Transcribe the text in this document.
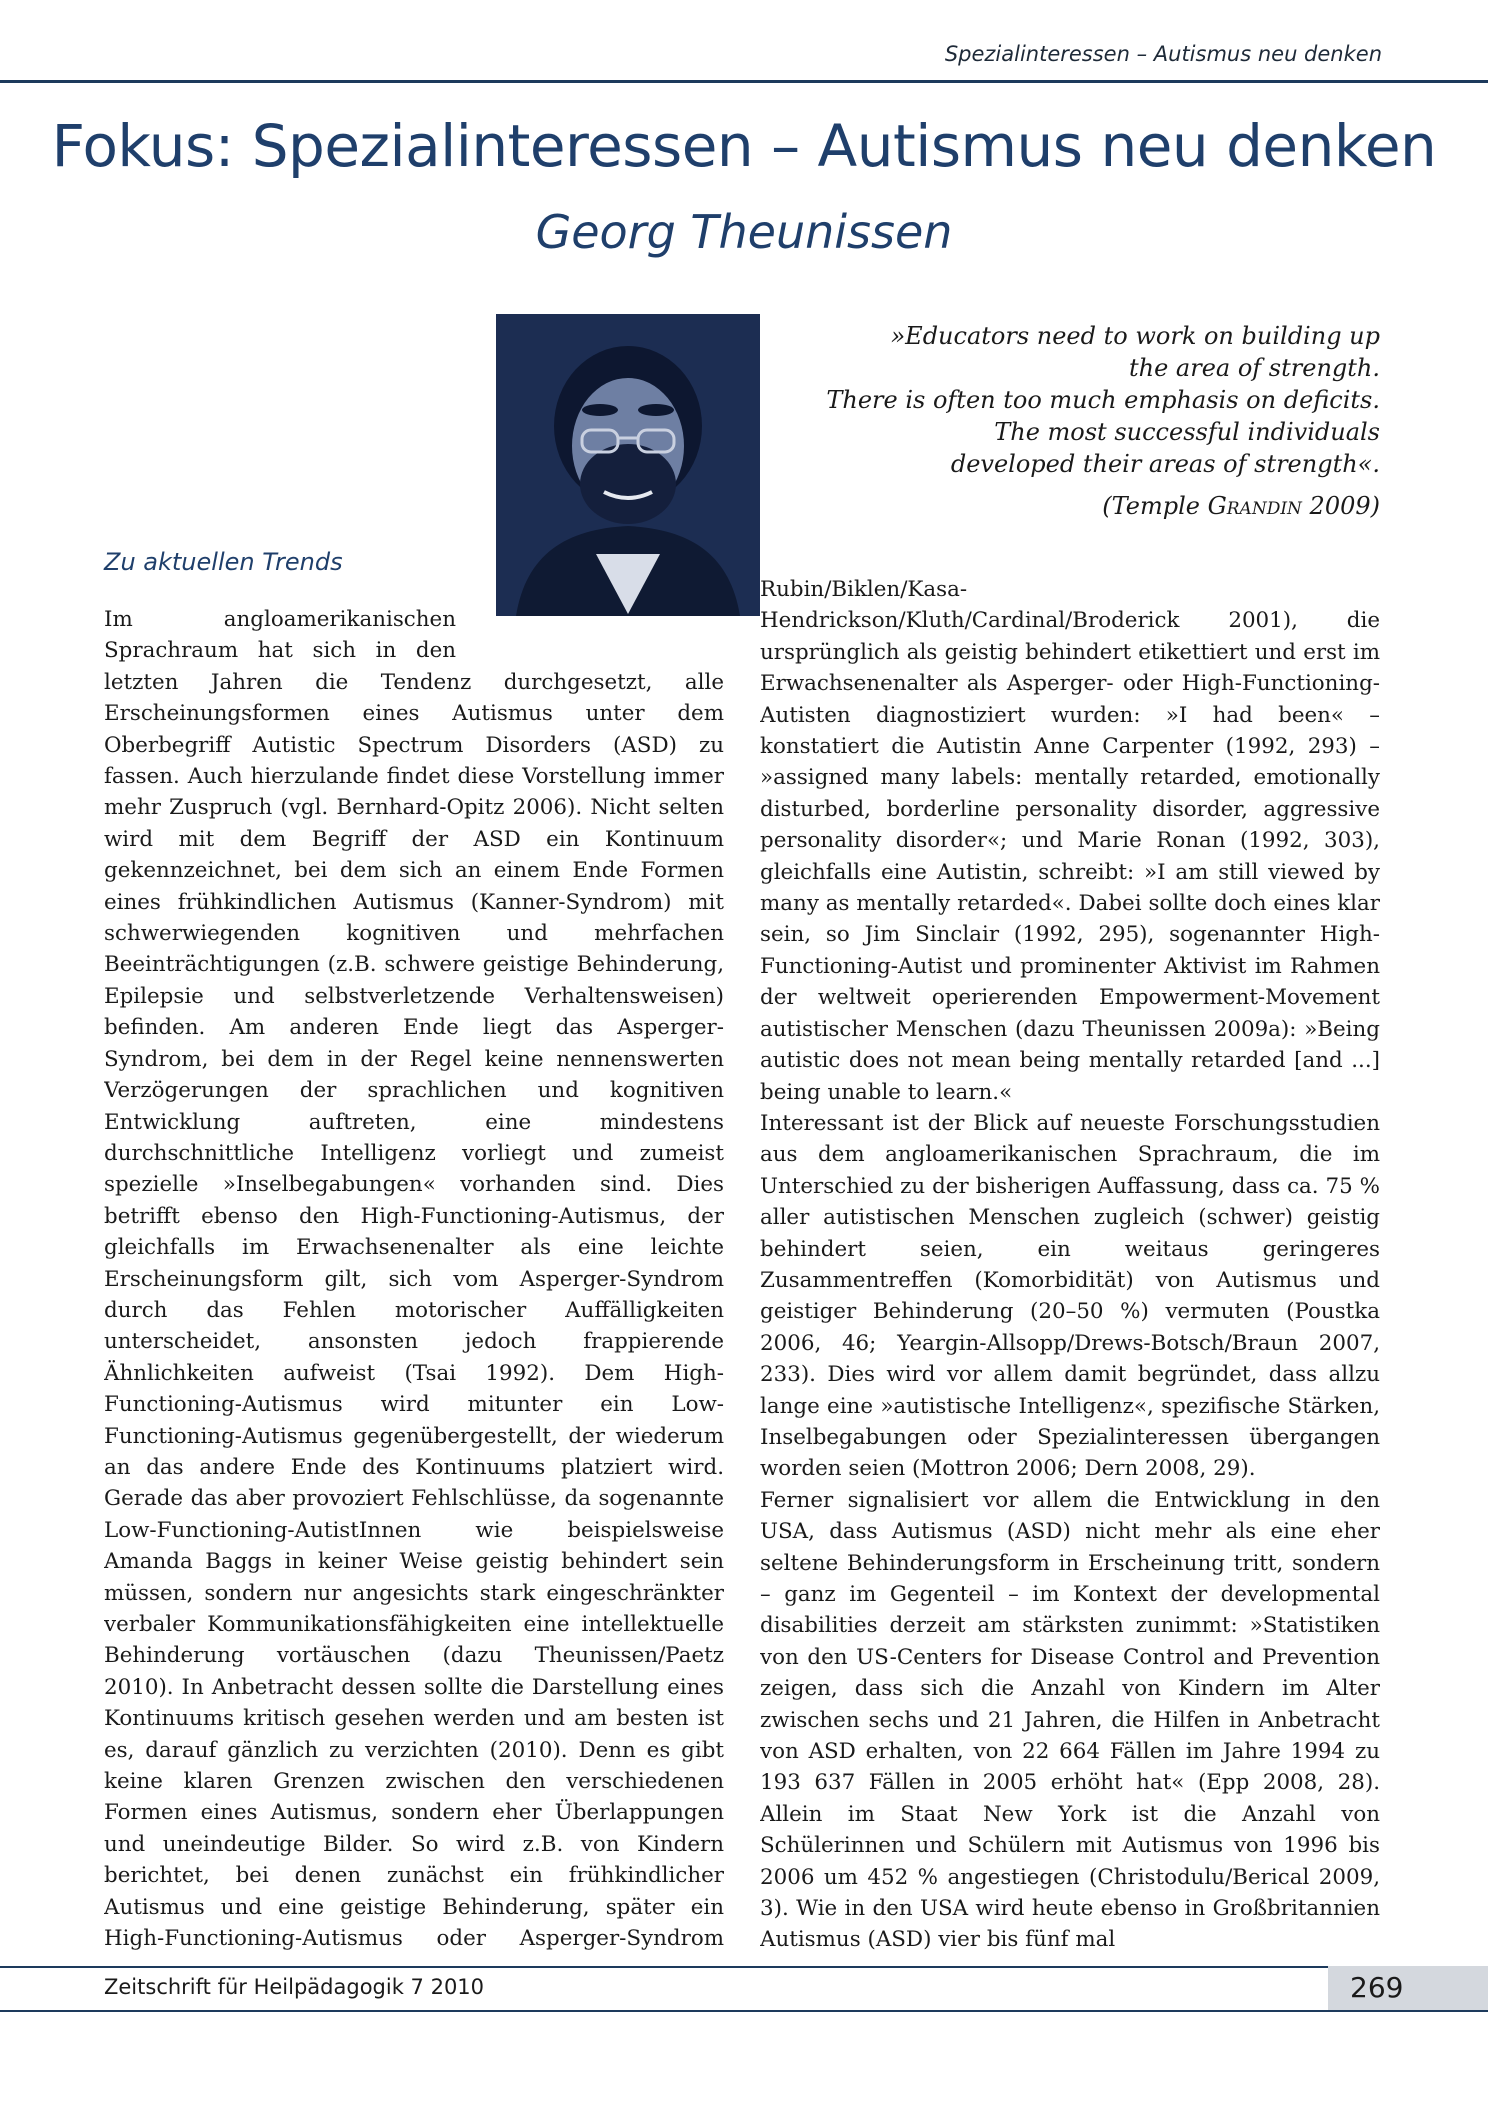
Spezialinteressen – Autismus neu denken
Fokus: Spezialinteressen – Autismus neu denken
Georg Theunissen
»Educators need to work on building up
the area of strength.
There is often too much emphasis on deficits.
The most successful individuals
developed their areas of strength«.
(Temple Grandin 2009)
Zu aktuellen Trends

Im angloamerikanischen Sprachraum hat sich in den letzten Jahren die Tendenz durchgesetzt, alle Erscheinungsformen eines Autismus unter dem Oberbegriff Autistic Spectrum Disorders (ASD) zu fassen. Auch hierzulande findet diese Vorstellung immer mehr Zuspruch (vgl. Bernhard-Opitz 2006). Nicht selten wird mit dem Begriff der ASD ein Kontinuum gekennzeichnet, bei dem sich an einem Ende Formen eines frühkindlichen Autismus (Kanner-Syndrom) mit schwerwiegenden kognitiven und mehrfachen Beeinträchtigungen (z.B. schwere geistige Behinderung, Epilepsie und selbstverletzende Verhaltensweisen) befinden. Am anderen Ende liegt das Asperger-Syndrom, bei dem in der Regel keine nennenswerten Verzögerungen der sprachlichen und kognitiven Entwicklung auftreten, eine mindestens durchschnittliche Intelligenz vorliegt und zumeist spezielle »Inselbegabungen« vorhanden sind. Dies betrifft ebenso den High-Functioning-Autismus, der gleichfalls im Erwachsenenalter als eine leichte Erscheinungsform gilt, sich vom Asperger-Syndrom durch das Fehlen motorischer Auffälligkeiten unterscheidet, ansonsten jedoch frappierende Ähnlichkeiten aufweist (Tsai 1992). Dem High-Functioning-Autismus wird mitunter ein Low-Functioning-Autismus gegenübergestellt, der wiederum an das andere Ende des Kontinuums platziert wird. Gerade das aber provoziert Fehlschlüsse, da sogenannte Low-Functioning-AutistInnen wie beispielsweise Amanda Baggs in keiner Weise geistig behindert sein müssen, sondern nur angesichts stark eingeschränkter verbaler Kommunikationsfähigkeiten eine intellektuelle Behinderung vortäuschen (dazu Theunissen/Paetz 2010). In Anbetracht dessen sollte die Darstellung eines Kontinuums kritisch gesehen werden und am besten ist es, darauf gänzlich zu verzichten (2010). Denn es gibt keine klaren Grenzen zwischen den verschiedenen Formen eines Autismus, sondern eher Überlappungen und uneindeutige Bilder. So wird z.B. von Kindern berichtet, bei denen zunächst ein frühkindlicher Autismus und eine geistige Behinderung, später ein High-Functioning-Autismus oder Asperger-Syndrom

Rubin/Biklen/Kasa-Hendrickson/Kluth/Cardinal/Broderick 2001), die ursprünglich als geistig behindert etikettiert und erst im Erwachsenenalter als Asperger- oder High-Functioning-Autisten diagnostiziert wurden: »I had been« – konstatiert die Autistin Anne Carpenter (1992, 293) – »assigned many labels: mentally retarded, emotionally disturbed, borderline personality disorder, aggressive personality disorder«; und Marie Ronan (1992, 303), gleichfalls eine Autistin, schreibt: »I am still viewed by many as mentally retarded«. Dabei sollte doch eines klar sein, so Jim Sinclair (1992, 295), sogenannter High-Functioning-Autist und prominenter Aktivist im Rahmen der weltweit operierenden Empowerment-Movement autistischer Menschen (dazu Theunissen 2009a): »Being autistic does not mean being mentally retarded [and ...] being unable to learn.«

Interessant ist der Blick auf neueste Forschungsstudien aus dem angloamerikanischen Sprachraum, die im Unterschied zu der bisherigen Auffassung, dass ca. 75 % aller autistischen Menschen zugleich (schwer) geistig behindert seien, ein weitaus geringeres Zusammentreffen (Komorbidität) von Autismus und geistiger Behinderung (20–50 %) vermuten (Poustka 2006, 46; Yeargin-Allsopp/Drews-Botsch/Braun 2007, 233). Dies wird vor allem damit begründet, dass allzu lange eine »autistische Intelligenz«, spezifische Stärken, Inselbegabungen oder Spezialinteressen übergangen worden seien (Mottron 2006; Dern 2008, 29).

Ferner signalisiert vor allem die Entwicklung in den USA, dass Autismus (ASD) nicht mehr als eine eher seltene Behinderungsform in Erscheinung tritt, sondern – ganz im Gegenteil – im Kontext der developmental disabilities derzeit am stärksten zunimmt: »Statistiken von den US-Centers for Disease Control and Prevention zeigen, dass sich die Anzahl von Kindern im Alter zwischen sechs und 21 Jahren, die Hilfen in Anbetracht von ASD erhalten, von 22 664 Fällen im Jahre 1994 zu 193 637 Fällen in 2005 erhöht hat« (Epp 2008, 28). Allein im Staat New York ist die Anzahl von Schülerinnen und Schülern mit Autismus von 1996 bis 2006 um 452 % angestiegen (Christodulu/Berical 2009, 3). Wie in den USA wird heute ebenso in Großbritannien Autismus (ASD) vier bis fünf mal

Zeitschrift für Heilpädagogik 7 2010	269
